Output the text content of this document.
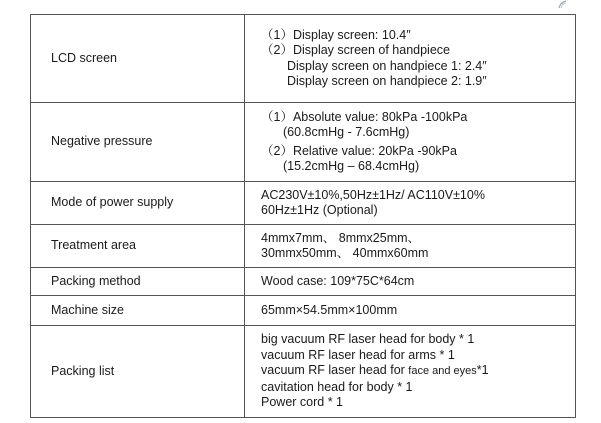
LCD screen	（1）Display screen: 10.4″
（2）Display screen of handpiece
Display screen on handpiece 1: 2.4″
Display screen on handpiece 2: 1.9″

Negative pressure	（1）Absolute value: 80kPa -100kPa
(60.8cmHg - 7.6cmHg)
（2）Relative value: 20kPa -90kPa
(15.2cmHg – 68.4cmHg)

Mode of power supply	AC230V±10%,50Hz±1Hz/ AC110V±10%
60Hz±1Hz (Optional)

Treatment area	4mmx7mm、 8mmx25mm、
30mmx50mm、 40mmx60mm

Packing method	Wood case: 109*75C*64cm

Machine size	65mm×54.5mm×100mm

Packing list	big vacuum RF laser head for body * 1
vacuum RF laser head for arms * 1
vacuum RF laser head for face and eyes*1
cavitation head for body * 1
Power cord * 1
